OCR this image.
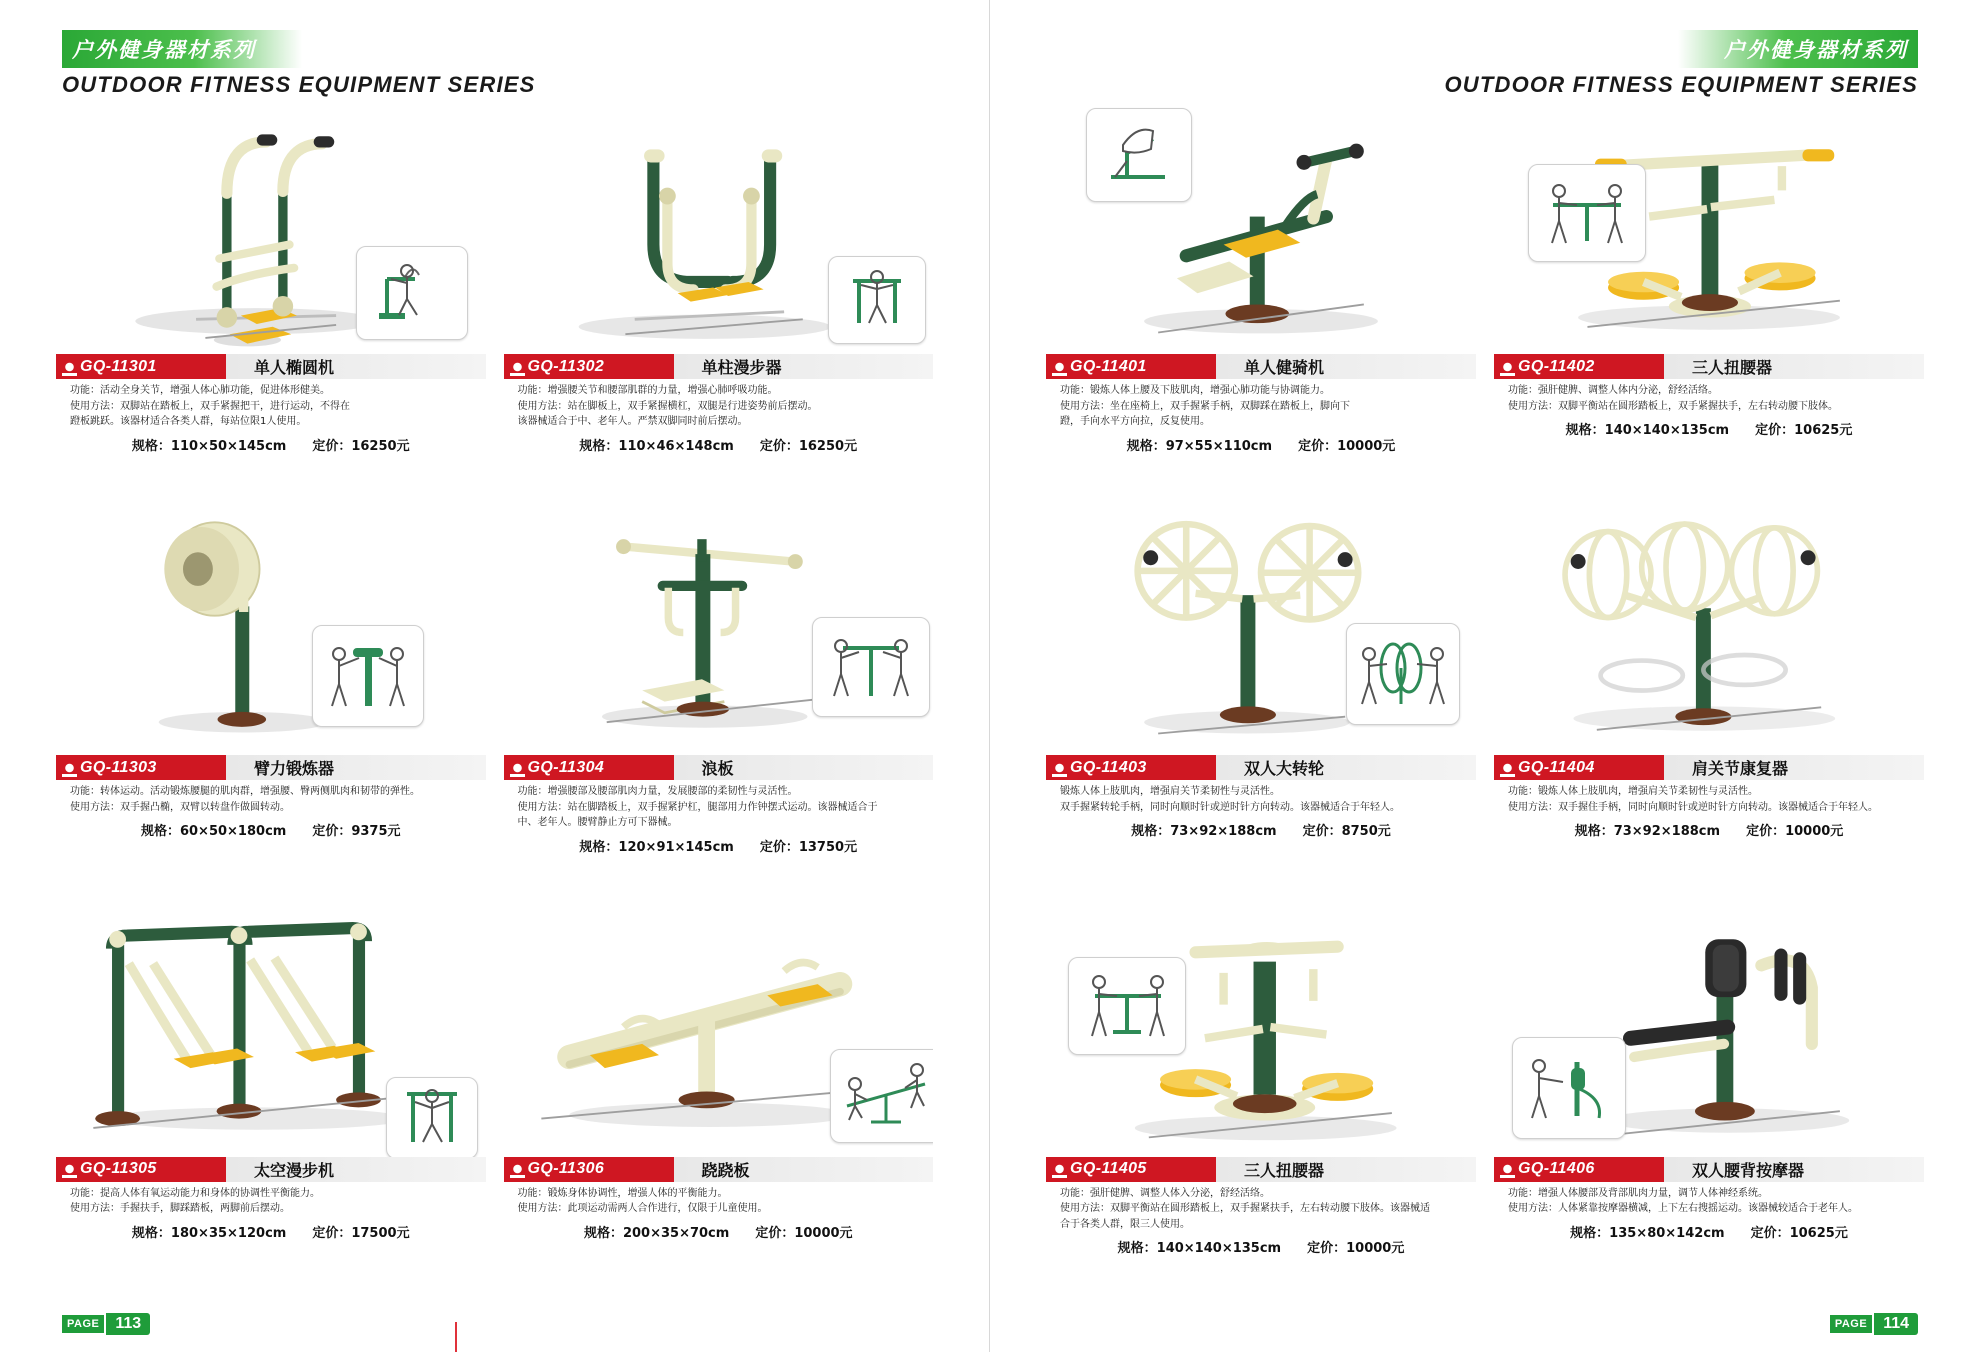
户外健身器材系列
OUTDOOR FITNESS EQUIPMENT SERIES
GQ-11301	单人椭圆机

功能：活动全身关节，增强人体心肺功能，促进体形健美。

使用方法：双脚站在踏板上，双手紧握把干，进行运动，不得在

蹬板跳跃。该器材适合各类人群，每站位限1人使用。

规格：110×50×145cm 定价：16250元
GQ-11302	单柱漫步器

功能：增强腰关节和腰部肌群的力量，增强心肺呼吸功能。

使用方法：站在脚板上，双手紧握横杠，双腿是行进姿势前后摆动。

该器械适合于中、老年人。严禁双脚同时前后摆动。

规格：110×46×148cm 定价：16250元
GQ-11303	臂力锻炼器

功能：转体运动。活动锻炼腰腿的肌肉群，增强腰、臀两侧肌肉和韧带的弹性。

使用方法：双手握凸椭，双臂以转盘作做圆转动。

规格：60×50×180cm 定价：9375元
GQ-11304	浪板

功能：增强腰部及腰部肌肉力量，发展腰部的柔韧性与灵活性。

使用方法：站在脚踏板上，双手握紧护杠，腿部用力作钟摆式运动。该器械适合于

中、老年人。腰臂静止方可下器械。

规格：120×91×145cm 定价：13750元
GQ-11305	太空漫步机

功能：提高人体有氧运动能力和身体的协调性平衡能力。

使用方法：手握扶手，脚踩踏板，两脚前后摆动。

规格：180×35×120cm 定价：17500元
GQ-11306	跷跷板

功能：锻炼身体协调性，增强人体的平衡能力。

使用方法：此项运动需两人合作进行，仅限于儿童使用。

规格：200×35×70cm 定价：10000元
PAGE	113
户外健身器材系列
OUTDOOR FITNESS EQUIPMENT SERIES
GQ-11401	单人健骑机

功能：锻炼人体上腰及下肢肌肉，增强心肺功能与协调能力。

使用方法：坐在座椅上，双手握紧手柄，双脚踩在踏板上，脚向下

蹬，手向水平方向拉，反复使用。

规格：97×55×110cm 定价：10000元
GQ-11402	三人扭腰器

功能：强肝健脾、调整人体内分泌，舒经活络。

使用方法：双脚平衡站在圆形踏板上，双手紧握扶手，左右转动腰下肢体。

规格：140×140×135cm 定价：10625元
GQ-11403	双人大转轮

锻炼人体上肢肌肉，增强肩关节柔韧性与灵活性。

双手握紧转轮手柄，同时向顺时针或逆时针方向转动。该器械适合于年轻人。

规格：73×92×188cm 定价：8750元
GQ-11404	肩关节康复器

功能：锻炼人体上肢肌肉，增强肩关节柔韧性与灵活性。

使用方法：双手握住手柄，同时向顺时针或逆时针方向转动。该器械适合于年轻人。

规格：73×92×188cm 定价：10000元
GQ-11405	三人扭腰器

功能：强肝健脾、调整人体入分泌，舒经活络。

使用方法：双脚平衡站在圆形踏板上，双手握紧扶手，左右转动腰下肢体。该器械适

合于各类人群，限三人使用。

规格：140×140×135cm 定价：10000元
GQ-11406	双人腰背按摩器

功能：增强人体腰部及背部肌肉力量，调节人体神经系统。

使用方法：人体紧靠按摩器横减，上下左右搜摇运动。该器械较适合于老年人。

规格：135×80×142cm 定价：10625元
PAGE	114
